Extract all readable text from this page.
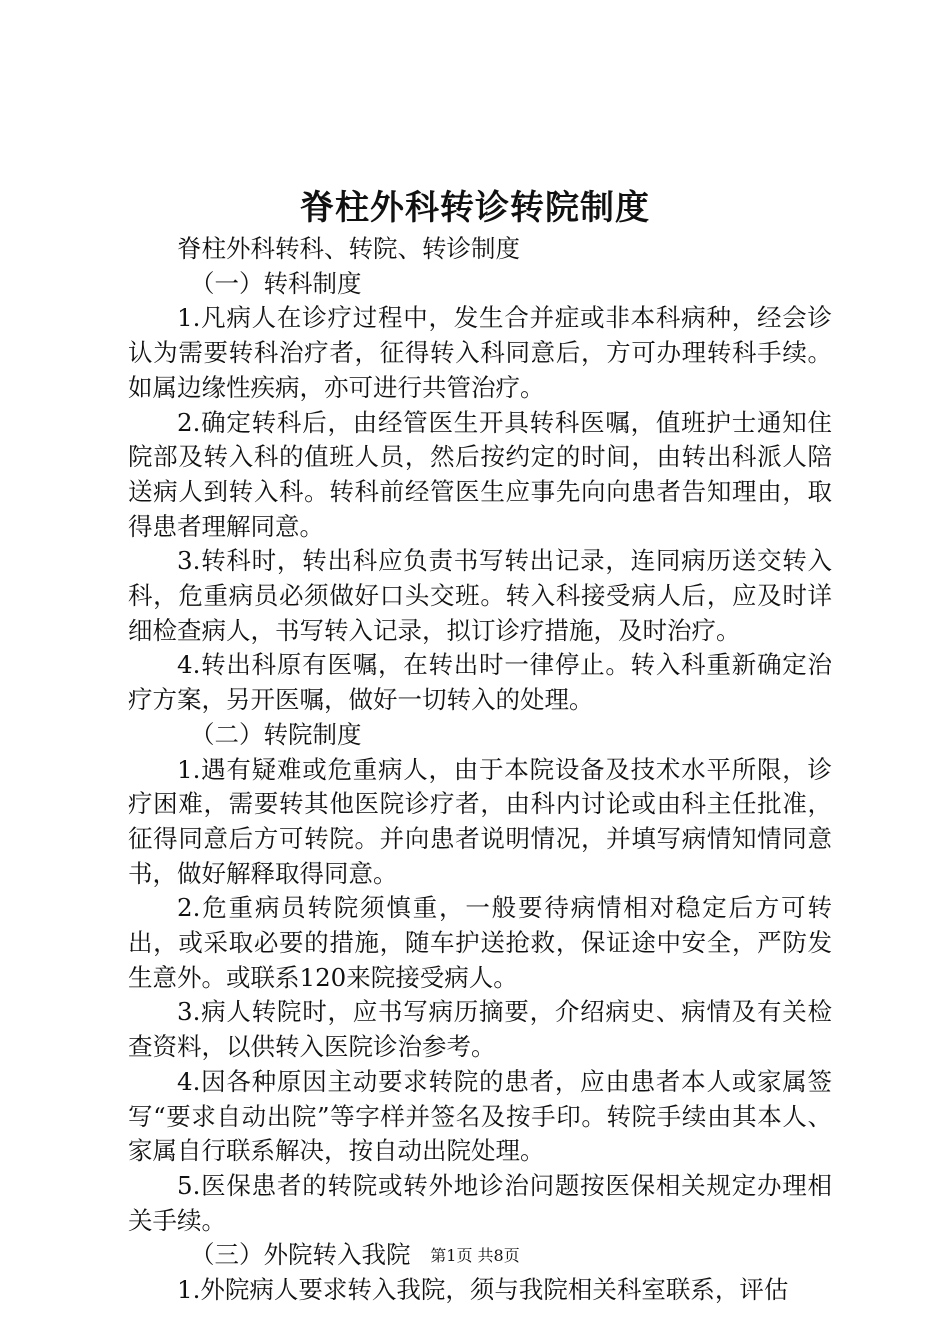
脊柱外科转诊转院制度

脊柱外科转科、转院、转诊制度

（一）转科制度

1.凡病人在诊疗过程中，发生合并症或非本科病种，经会诊认为需要转科治疗者，征得转入科同意后，方可办理转科手续。如属边缘性疾病，亦可进行共管治疗。

2.确定转科后，由经管医生开具转科医嘱，值班护士通知住院部及转入科的值班人员，然后按约定的时间，由转出科派人陪送病人到转入科。转科前经管医生应事先向向患者告知理由，取得患者理解同意。

3.转科时，转出科应负责书写转出记录，连同病历送交转入科，危重病员必须做好口头交班。转入科接受病人后，应及时详细检查病人，书写转入记录，拟订诊疗措施，及时治疗。

4.转出科原有医嘱，在转出时一律停止。转入科重新确定治疗方案，另开医嘱，做好一切转入的处理。

（二）转院制度

1.遇有疑难或危重病人，由于本院设备及技术水平所限，诊疗困难，需要转其他医院诊疗者，由科内讨论或由科主任批准，征得同意后方可转院。并向患者说明情况，并填写病情知情同意书，做好解释取得同意。

2.危重病员转院须慎重，一般要待病情相对稳定后方可转出，或采取必要的措施，随车护送抢救，保证途中安全，严防发生意外。或联系120来院接受病人。

3.病人转院时，应书写病历摘要，介绍病史、病情及有关检查资料，以供转入医院诊治参考。

4.因各种原因主动要求转院的患者，应由患者本人或家属签写“要求自动出院”等字样并签名及按手印。转院手续由其本人、家属自行联系解决，按自动出院处理。

5.医保患者的转院或转外地诊治问题按医保相关规定办理相关手续。

（三）外院转入我院

1.外院病人要求转入我院，须与我院相关科室联系，评估

第1页 共8页
